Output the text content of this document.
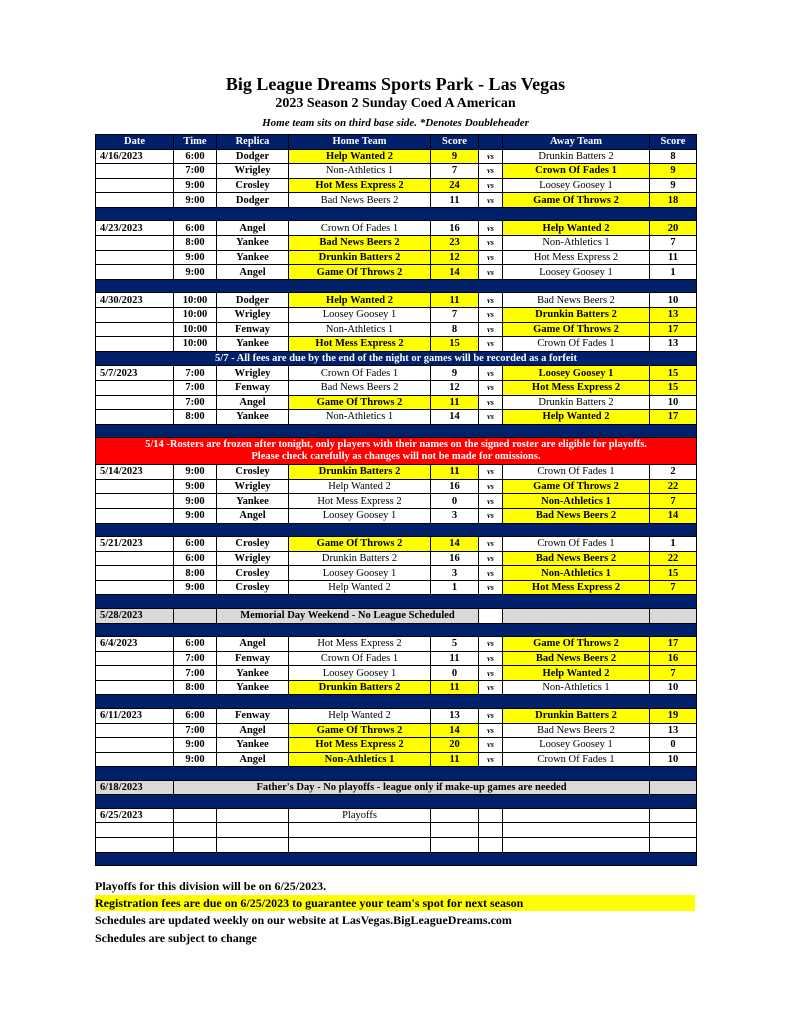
Big League Dreams Sports Park - Las Vegas
2023 Season 2 Sunday Coed A American
Home team sits on third base side. *Denotes Doubleheader
Date	Time	Replica	Home Team	Score		Away Team	Score
4/16/2023	6:00	Dodger	Help Wanted 2	9	vs	Drunkin Batters 2	8
	7:00	Wrigley	Non-Athletics 1	7	vs	Crown Of Fades 1	9
	9:00	Crosley	Hot Mess Express 2	24	vs	Loosey Goosey 1	9
	9:00	Dodger	Bad News Beers 2	11	vs	Game Of Throws 2	18

4/23/2023	6:00	Angel	Crown Of Fades 1	16	vs	Help Wanted 2	20
	8:00	Yankee	Bad News Beers 2	23	vs	Non-Athletics 1	7
	9:00	Yankee	Drunkin Batters 2	12	vs	Hot Mess Express 2	11
	9:00	Angel	Game Of Throws 2	14	vs	Loosey Goosey 1	1

4/30/2023	10:00	Dodger	Help Wanted 2	11	vs	Bad News Beers 2	10
	10:00	Wrigley	Loosey Goosey 1	7	vs	Drunkin Batters 2	13
	10:00	Fenway	Non-Athletics 1	8	vs	Game Of Throws 2	17
	10:00	Yankee	Hot Mess Express 2	15	vs	Crown Of Fades 1	13
5/7 - All fees are due by the end of the night or games will be recorded as a forfeit							
5/7/2023	7:00	Wrigley	Crown Of Fades 1	9	vs	Loosey Goosey 1	15
	7:00	Fenway	Bad News Beers 2	12	vs	Hot Mess Express 2	15
	7:00	Angel	Game Of Throws 2	11	vs	Drunkin Batters 2	10
	8:00	Yankee	Non-Athletics 1	14	vs	Help Wanted 2	17

5/14 -Rosters are frozen after tonight, only players with their names on the signed roster are eligible for playoffs.
Please check carefully as changes will not be made for omissions.							

5/14/2023	9:00	Crosley	Drunkin Batters 2	11	vs	Crown Of Fades 1	2
	9:00	Wrigley	Help Wanted 2	16	vs	Game Of Throws 2	22
	9:00	Yankee	Hot Mess Express 2	0	vs	Non-Athletics 1	7
	9:00	Angel	Loosey Goosey 1	3	vs	Bad News Beers 2	14

5/21/2023	6:00	Crosley	Game Of Throws 2	14	vs	Crown Of Fades 1	1
	6:00	Wrigley	Drunkin Batters 2	16	vs	Bad News Beers 2	22
	8:00	Crosley	Loosey Goosey 1	3	vs	Non-Athletics 1	15
	9:00	Crosley	Help Wanted 2	1	vs	Hot Mess Express 2	7

5/28/2023		Memorial Day Weekend - No League Scheduled					

6/4/2023	6:00	Angel	Hot Mess Express 2	5	vs	Game Of Throws 2	17
	7:00	Fenway	Crown Of Fades 1	11	vs	Bad News Beers 2	16
	7:00	Yankee	Loosey Goosey 1	0	vs	Help Wanted 2	7
	8:00	Yankee	Drunkin Batters 2	11	vs	Non-Athletics 1	10

6/11/2023	6:00	Fenway	Help Wanted 2	13	vs	Drunkin Batters 2	19
	7:00	Angel	Game Of Throws 2	14	vs	Bad News Beers 2	13
	9:00	Yankee	Hot Mess Express 2	20	vs	Loosey Goosey 1	0
	9:00	Angel	Non-Athletics 1	11	vs	Crown Of Fades 1	10

6/18/2023	Father's Day - No playoffs - league only if make-up games are needed						

6/25/2023			Playoffs				

Playoffs for this division will be on 6/25/2023.
Registration fees are due on 6/25/2023 to guarantee your team's spot for next season
Schedules are updated weekly on our website at LasVegas.BigLeagueDreams.com
Schedules are subject to change
